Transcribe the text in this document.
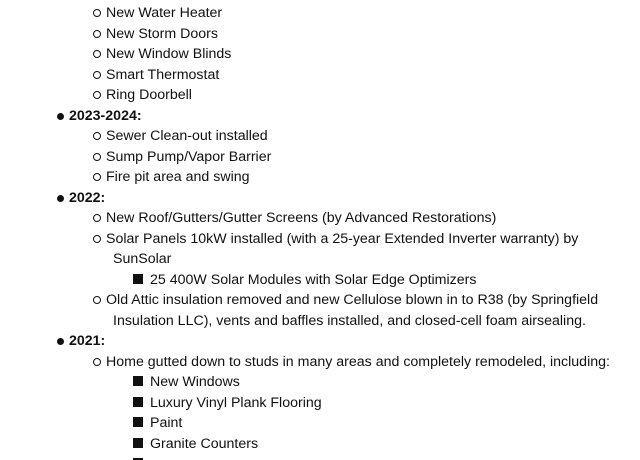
New Water Heater
New Storm Doors
New Window Blinds
Smart Thermostat
Ring Doorbell
2023-2024:
Sewer Clean-out installed
Sump Pump/Vapor Barrier
Fire pit area and swing
2022:
New Roof/Gutters/Gutter Screens (by Advanced Restorations)
Solar Panels 10kW installed (with a 25-year Extended Inverter warranty) by
SunSolar
25 400W Solar Modules with Solar Edge Optimizers
Old Attic insulation removed and new Cellulose blown in to R38 (by Springfield
Insulation LLC), vents and baffles installed, and closed-cell foam airsealing.
2021:
Home gutted down to studs in many areas and completely remodeled, including:
New Windows
Luxury Vinyl Plank Flooring
Paint
Granite Counters
